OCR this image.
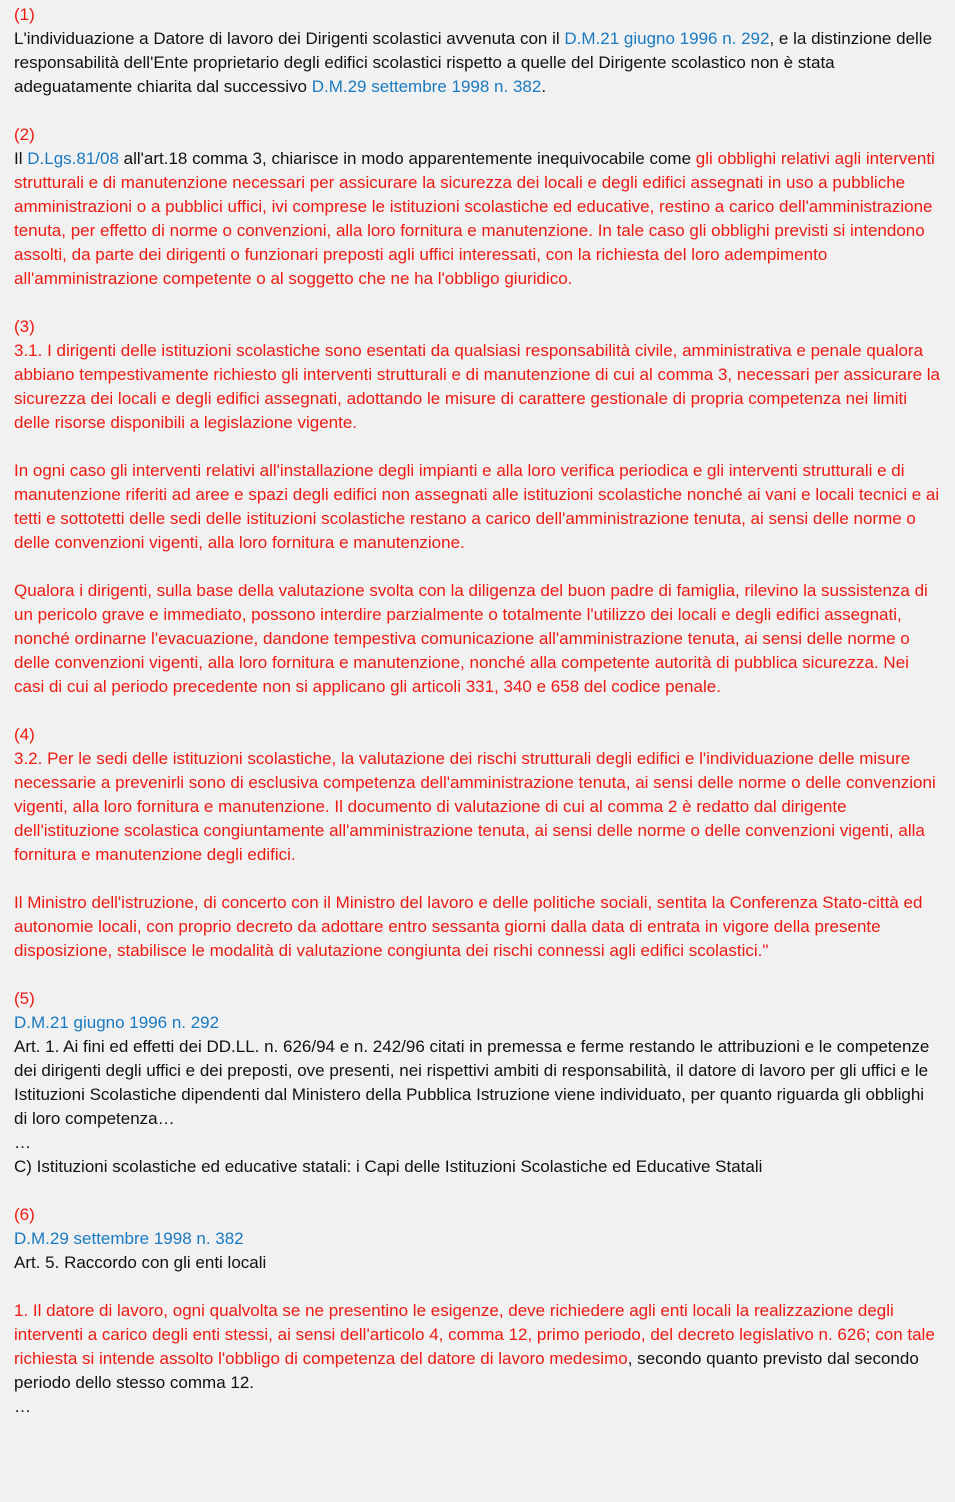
(1)

L'individuazione a Datore di lavoro dei Dirigenti scolastici avvenuta con il D.M.21 giugno 1996 n. 292, e la distinzione delle responsabilità dell'Ente proprietario degli edifici scolastici rispetto a quelle del Dirigente scolastico non è stata adeguatamente chiarita dal successivo D.M.29 settembre 1998 n. 382.

(2)

Il D.Lgs.81/08 all'art.18 comma 3, chiarisce in modo apparentemente inequivocabile come gli obblighi relativi agli interventi strutturali e di manutenzione necessari per assicurare la sicurezza dei locali e degli edifici assegnati in uso a pubbliche amministrazioni o a pubblici uffici, ivi comprese le istituzioni scolastiche ed educative, restino a carico dell'amministrazione tenuta, per effetto di norme o convenzioni, alla loro fornitura e manutenzione. In tale caso gli obblighi previsti si intendono assolti, da parte dei dirigenti o funzionari preposti agli uffici interessati, con la richiesta del loro adempimento all'amministrazione competente o al soggetto che ne ha l'obbligo giuridico.

(3)

3.1. I dirigenti delle istituzioni scolastiche sono esentati da qualsiasi responsabilità civile, amministrativa e penale qualora abbiano tempestivamente richiesto gli interventi strutturali e di manutenzione di cui al comma 3, necessari per assicurare la sicurezza dei locali e degli edifici assegnati, adottando le misure di carattere gestionale di propria competenza nei limiti delle risorse disponibili a legislazione vigente.

In ogni caso gli interventi relativi all'installazione degli impianti e alla loro verifica periodica e gli interventi strutturali e di manutenzione riferiti ad aree e spazi degli edifici non assegnati alle istituzioni scolastiche nonché ai vani e locali tecnici e ai tetti e sottotetti delle sedi delle istituzioni scolastiche restano a carico dell'amministrazione tenuta, ai sensi delle norme o delle convenzioni vigenti, alla loro fornitura e manutenzione.

Qualora i dirigenti, sulla base della valutazione svolta con la diligenza del buon padre di famiglia, rilevino la sussistenza di un pericolo grave e immediato, possono interdire parzialmente o totalmente l'utilizzo dei locali e degli edifici assegnati, nonché ordinarne l'evacuazione, dandone tempestiva comunicazione all'amministrazione tenuta, ai sensi delle norme o delle convenzioni vigenti, alla loro fornitura e manutenzione, nonché alla competente autorità di pubblica sicurezza. Nei casi di cui al periodo precedente non si applicano gli articoli 331, 340 e 658 del codice penale.

(4)

3.2. Per le sedi delle istituzioni scolastiche, la valutazione dei rischi strutturali degli edifici e l'individuazione delle misure necessarie a prevenirli sono di esclusiva competenza dell'amministrazione tenuta, ai sensi delle norme o delle convenzioni vigenti, alla loro fornitura e manutenzione. Il documento di valutazione di cui al comma 2 è redatto dal dirigente dell'istituzione scolastica congiuntamente all'amministrazione tenuta, ai sensi delle norme o delle convenzioni vigenti, alla fornitura e manutenzione degli edifici.

Il Ministro dell'istruzione, di concerto con il Ministro del lavoro e delle politiche sociali, sentita la Conferenza Stato-città ed autonomie locali, con proprio decreto da adottare entro sessanta giorni dalla data di entrata in vigore della presente disposizione, stabilisce le modalità di valutazione congiunta dei rischi connessi agli edifici scolastici."

(5)

D.M.21 giugno 1996 n. 292

Art. 1. Ai fini ed effetti dei DD.LL. n. 626/94 e n. 242/96 citati in premessa e ferme restando le attribuzioni e le competenze dei dirigenti degli uffici e dei preposti, ove presenti, nei rispettivi ambiti di responsabilità, il datore di lavoro per gli uffici e le Istituzioni Scolastiche dipendenti dal Ministero della Pubblica Istruzione viene individuato, per quanto riguarda gli obblighi di loro competenza…

…

C) Istituzioni scolastiche ed educative statali: i Capi delle Istituzioni Scolastiche ed Educative Statali

(6)

D.M.29 settembre 1998 n. 382

Art. 5. Raccordo con gli enti locali

1. Il datore di lavoro, ogni qualvolta se ne presentino le esigenze, deve richiedere agli enti locali la realizzazione degli interventi a carico degli enti stessi, ai sensi dell'articolo 4, comma 12, primo periodo, del decreto legislativo n. 626; con tale richiesta si intende assolto l'obbligo di competenza del datore di lavoro medesimo, secondo quanto previsto dal secondo periodo dello stesso comma 12.

…
